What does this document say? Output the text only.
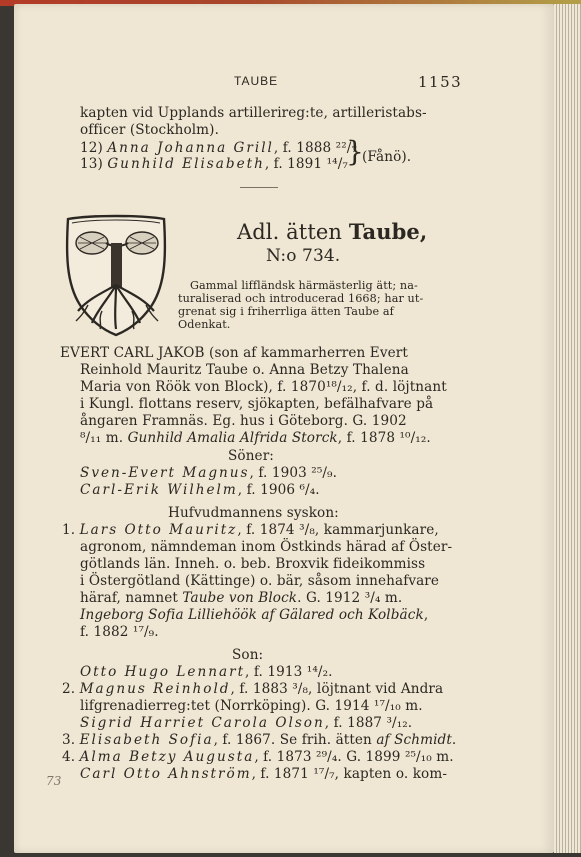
TAUBE	1153
kapten vid Upplands artillerireg:te, artilleristabs-
officer (Stockholm).
12) Anna Johanna Grill, f. 1888 ²²/₇
13) Gunhild Elisabeth, f. 1891 ¹⁴/₇
}
(Fånö).
Adl. ätten Taube,
N:o 734.
Gammal liffländsk härmästerlig ätt; na-
turaliserad och introducerad 1668; har ut-
grenat sig i friherrliga ätten Taube af
Odenkat.
EVERT CARL JAKOB (son af kammarherren Evert
Reinhold Mauritz Taube o. Anna Betzy Thalena
Maria von Röök von Block), f. 1870¹⁸/₁₂, f. d. löjtnant
i Kungl. flottans reserv, sjökapten, befälhafvare på
ångaren Framnäs. Eg. hus i Göteborg. G. 1902
⁸/₁₁ m. Gunhild Amalia Alfrida Storck, f. 1878 ¹⁰/₁₂.
Söner:
Sven-Evert Magnus, f. 1903 ²⁵/₉.
Carl-Erik Wilhelm, f. 1906 ⁶/₄.
Hufvudmannens syskon:
1. Lars Otto Mauritz, f. 1874 ³/₈, kammarjunkare,
agronom, nämndeman inom Östkinds härad af Öster-
götlands län. Inneh. o. beb. Broxvik fideikommiss
i Östergötland (Kättinge) o. bär, såsom innehafvare
häraf, namnet Taube von Block. G. 1912 ³/₄ m.
Ingeborg Sofia Lilliehöök af Gälared och Kolbäck,
f. 1882 ¹⁷/₉.
Son:
Otto Hugo Lennart, f. 1913 ¹⁴/₂.
2. Magnus Reinhold, f. 1883 ³/₈, löjtnant vid Andra
lifgrenadierreg:tet (Norrköping). G. 1914 ¹⁷/₁₀ m.
Sigrid Harriet Carola Olson, f. 1887 ³/₁₂.
3. Elisabeth Sofia, f. 1867. Se frih. ätten af Schmidt.
4. Alma Betzy Augusta, f. 1873 ²⁹/₄. G. 1899 ²⁵/₁₀ m.
Carl Otto Ahnström, f. 1871 ¹⁷/₇, kapten o. kom-
73
